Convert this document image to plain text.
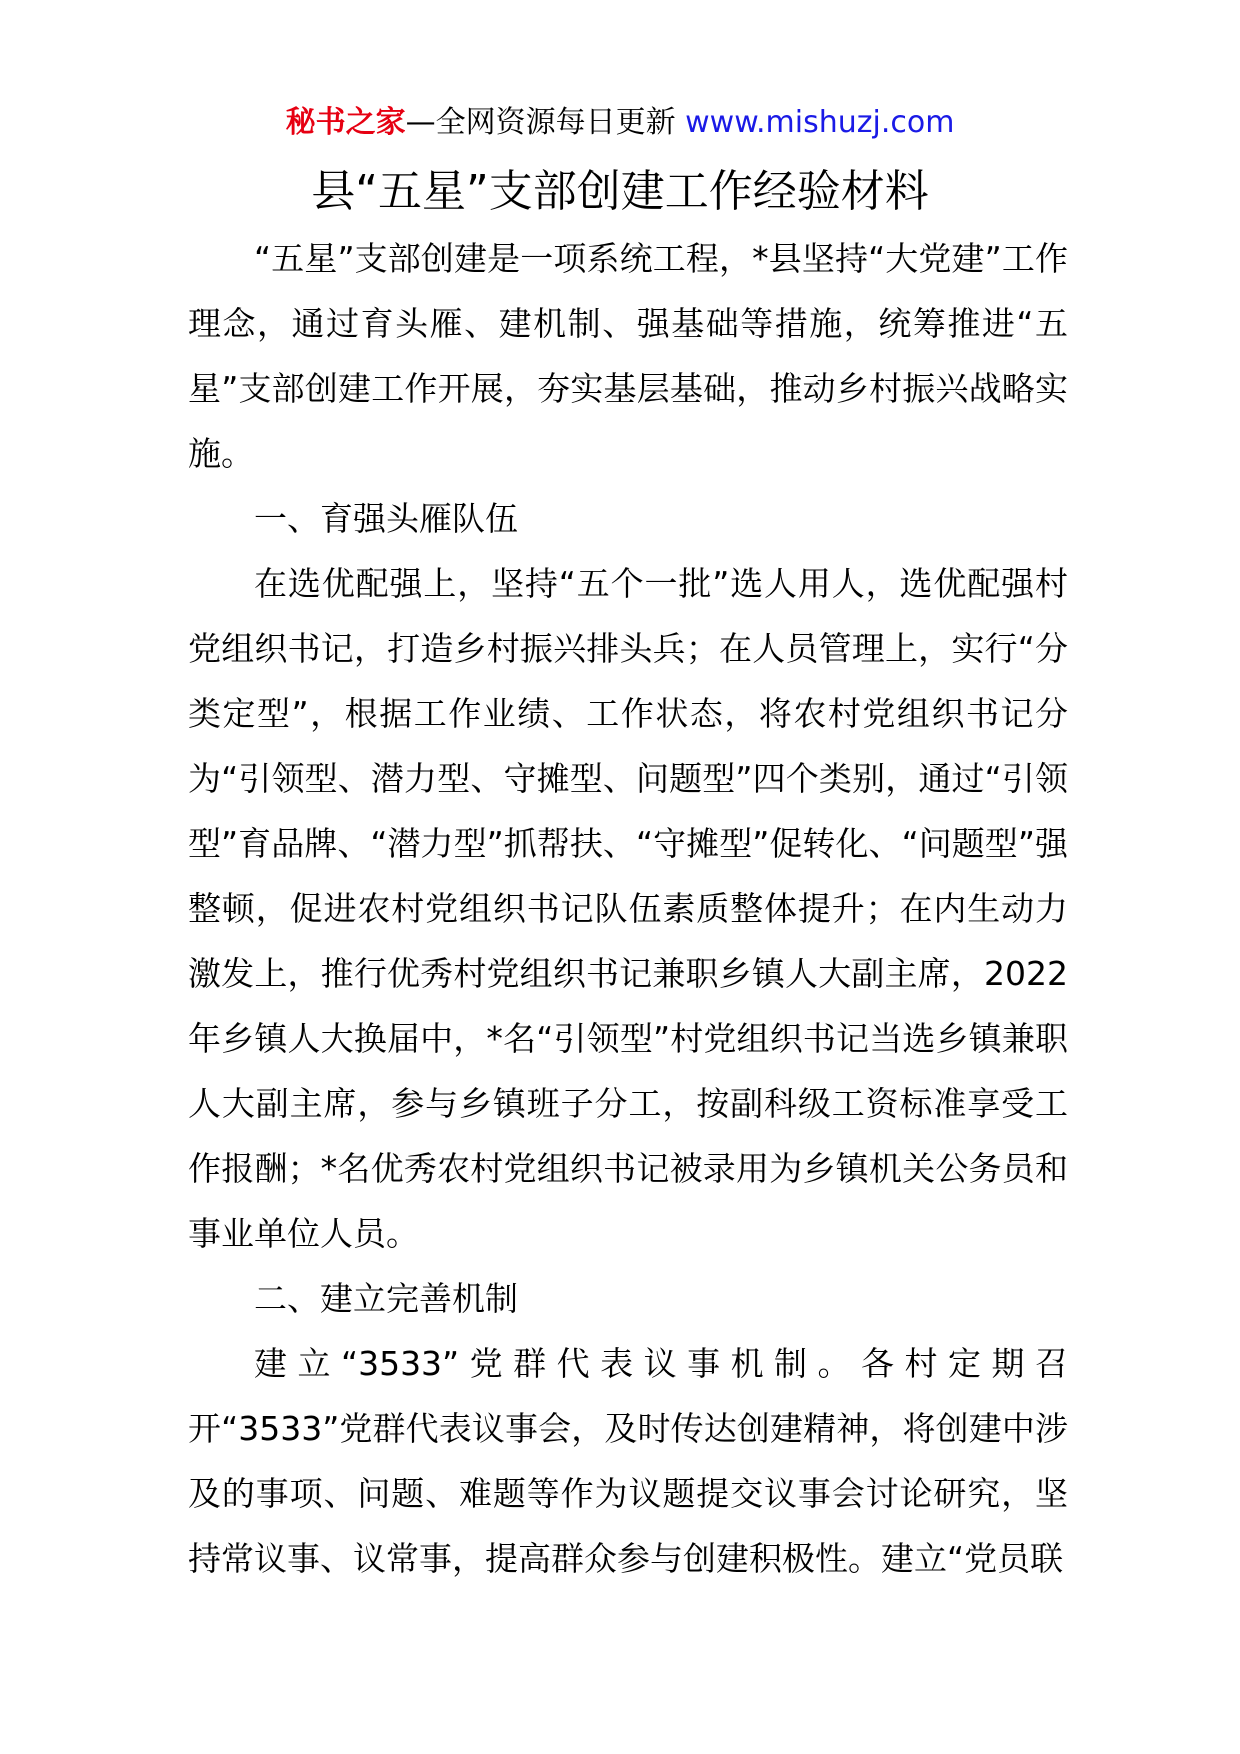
秘书之家—全网资源每日更新 www.mishuzj.com
县“五星”支部创建工作经验材料

“五星”支部创建是一项系统工程，*县坚持“大党建”工作理念，通过育头雁、建机制、强基础等措施，统筹推进“五星”支部创建工作开展，夯实基层基础，推动乡村振兴战略实施。

一、育强头雁队伍

在选优配强上，坚持“五个一批”选人用人，选优配强村党组织书记，打造乡村振兴排头兵；在人员管理上，实行“分类定型”，根据工作业绩、工作状态，将农村党组织书记分为“引领型、潜力型、守摊型、问题型”四个类别，通过“引领型”育品牌、“潜力型”抓帮扶、“守摊型”促转化、“问题型”强整顿，促进农村党组织书记队伍素质整体提升；在内生动力激发上，推行优秀村党组织书记兼职乡镇人大副主席，2022年乡镇人大换届中，*名“引领型”村党组织书记当选乡镇兼职人大副主席，参与乡镇班子分工，按副科级工资标准享受工作报酬；*名优秀农村党组织书记被录用为乡镇机关公务员和事业单位人员。

二、建立完善机制

建立“3533”党群代表议事机制。各村定期召开“3533”党群代表议事会，及时传达创建精神，将创建中涉及的事项、问题、难题等作为议题提交议事会讨论研究，坚持常议事、议常事，提高群众参与创建积极性。建立“党员联
